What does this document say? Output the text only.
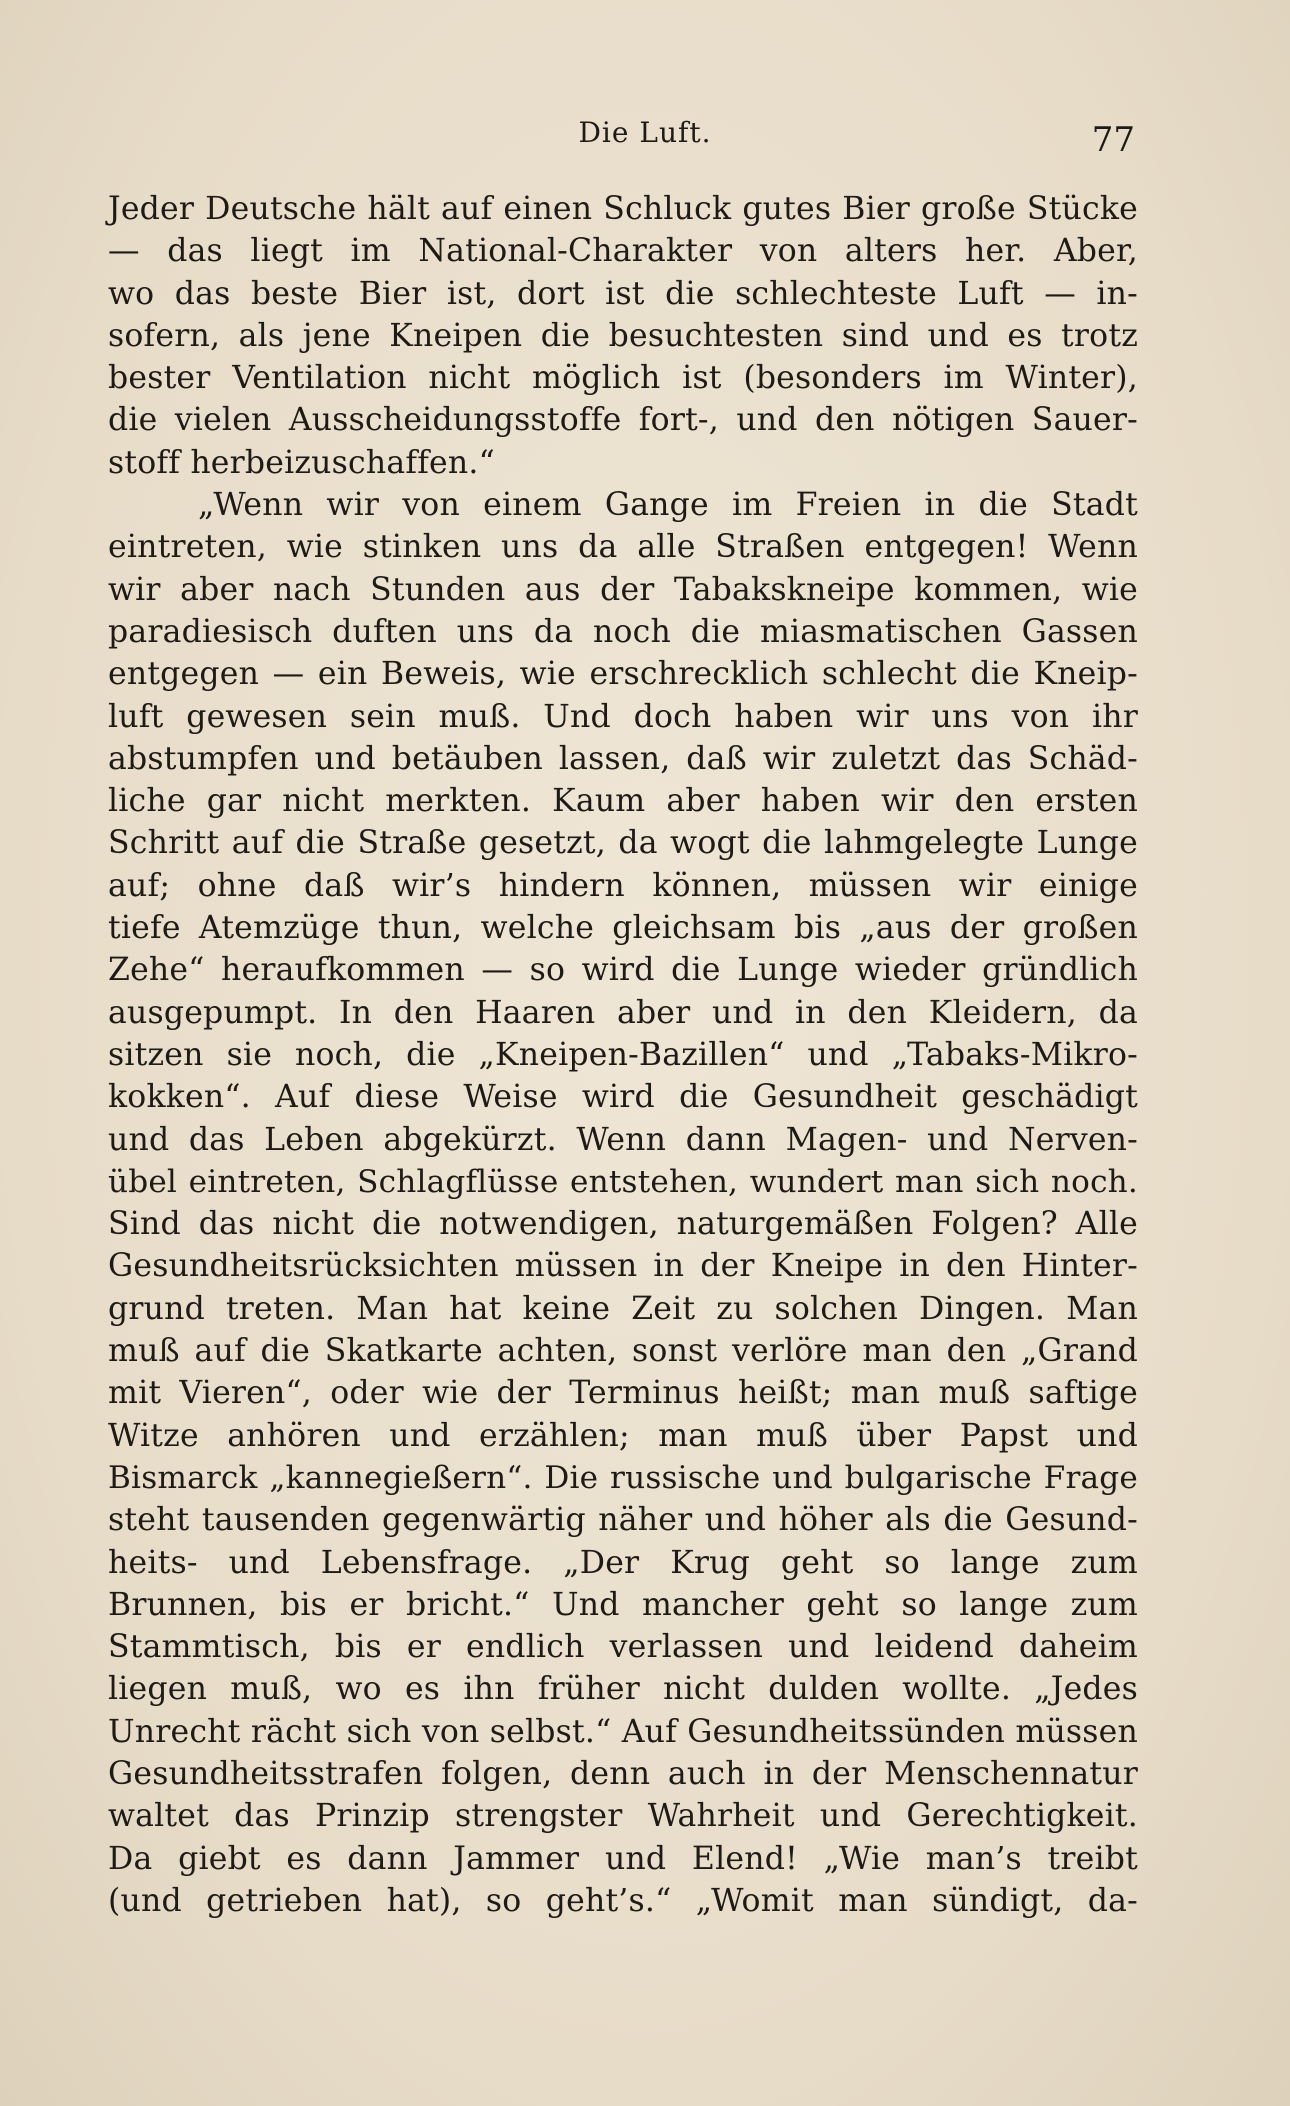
Die Luft.	77
Jeder Deutsche hält auf einen Schluck gutes Bier große Stücke
— das liegt im National-Charakter von alters her. Aber,
wo das beste Bier ist, dort ist die schlechteste Luft — in-
sofern, als jene Kneipen die besuchtesten sind und es trotz
bester Ventilation nicht möglich ist (besonders im Winter),
die vielen Ausscheidungsstoffe fort-, und den nötigen Sauer-
stoff herbeizuschaffen.“
„Wenn wir von einem Gange im Freien in die Stadt
eintreten, wie stinken uns da alle Straßen entgegen! Wenn
wir aber nach Stunden aus der Tabakskneipe kommen, wie
paradiesisch duften uns da noch die miasmatischen Gassen
entgegen — ein Beweis, wie erschrecklich schlecht die Kneip-
luft gewesen sein muß. Und doch haben wir uns von ihr
abstumpfen und betäuben lassen, daß wir zuletzt das Schäd-
liche gar nicht merkten. Kaum aber haben wir den ersten
Schritt auf die Straße gesetzt, da wogt die lahmgelegte Lunge
auf; ohne daß wir’s hindern können, müssen wir einige
tiefe Atemzüge thun, welche gleichsam bis „aus der großen
Zehe“ heraufkommen — so wird die Lunge wieder gründlich
ausgepumpt. In den Haaren aber und in den Kleidern, da
sitzen sie noch, die „Kneipen-Bazillen“ und „Tabaks-Mikro-
kokken“. Auf diese Weise wird die Gesundheit geschädigt
und das Leben abgekürzt. Wenn dann Magen- und Nerven-
übel eintreten, Schlagflüsse entstehen, wundert man sich noch.
Sind das nicht die notwendigen, naturgemäßen Folgen? Alle
Gesundheitsrücksichten müssen in der Kneipe in den Hinter-
grund treten. Man hat keine Zeit zu solchen Dingen. Man
muß auf die Skatkarte achten, sonst verlöre man den „Grand
mit Vieren“, oder wie der Terminus heißt; man muß saftige
Witze anhören und erzählen; man muß über Papst und
Bismarck „kannegießern“. Die russische und bulgarische Frage
steht tausenden gegenwärtig näher und höher als die Gesund-
heits- und Lebensfrage. „Der Krug geht so lange zum
Brunnen, bis er bricht.“ Und mancher geht so lange zum
Stammtisch, bis er endlich verlassen und leidend daheim
liegen muß, wo es ihn früher nicht dulden wollte. „Jedes
Unrecht rächt sich von selbst.“ Auf Gesundheitssünden müssen
Gesundheitsstrafen folgen, denn auch in der Menschennatur
waltet das Prinzip strengster Wahrheit und Gerechtigkeit.
Da giebt es dann Jammer und Elend! „Wie man’s treibt
(und getrieben hat), so geht’s.“ „Womit man sündigt, da-
